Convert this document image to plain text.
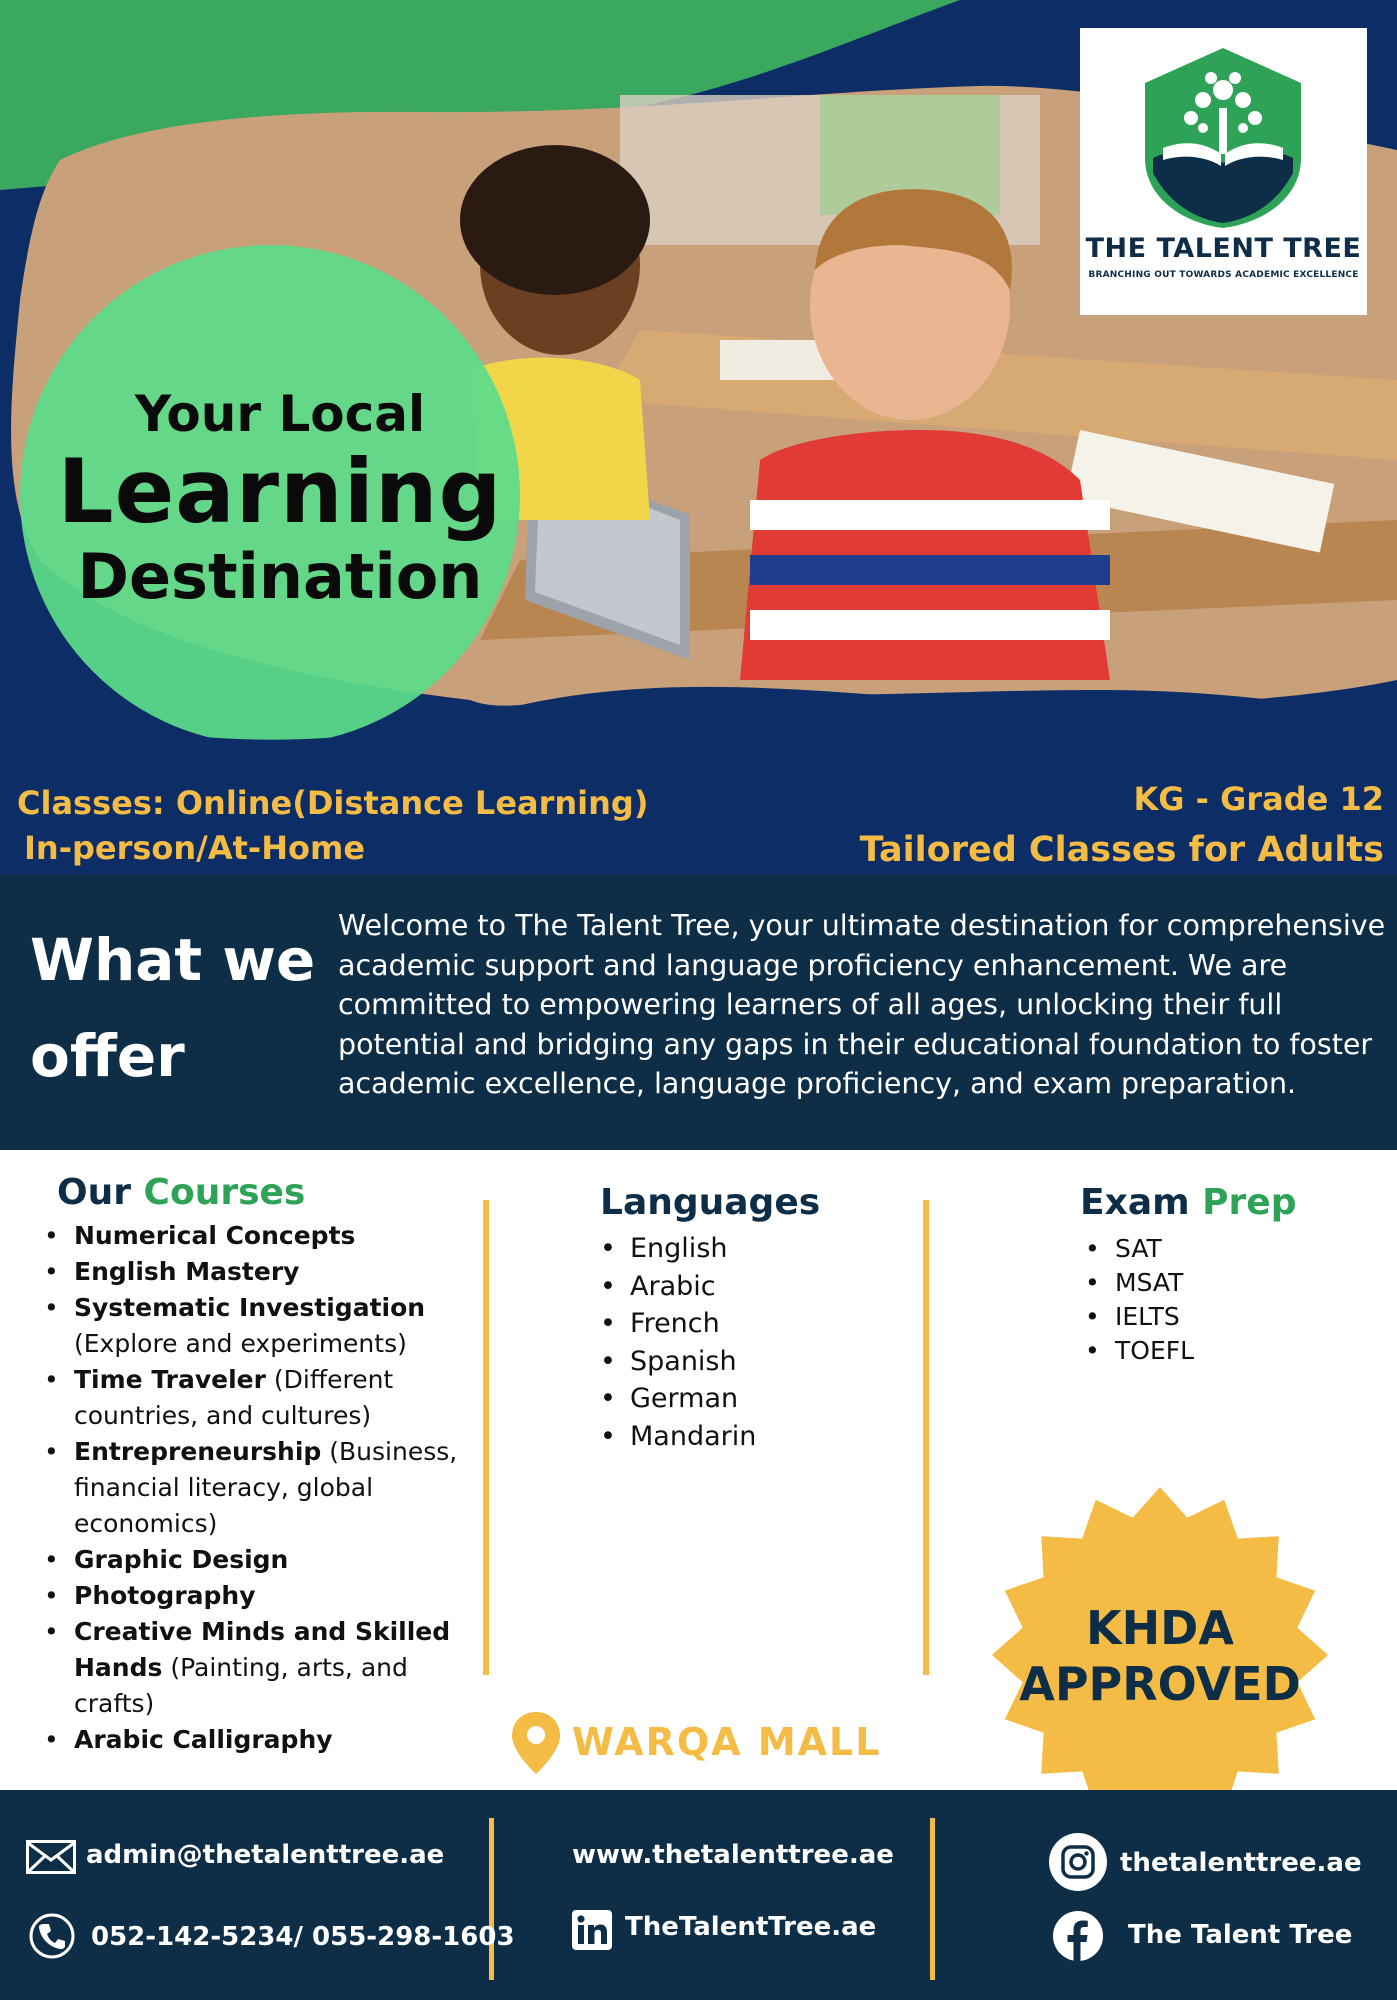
THE TALENT TREE
BRANCHING OUT TOWARDS ACADEMIC EXCELLENCE
Your Local
Learning
Destination
Classes: Online(Distance Learning)
In-person/At-Home
KG - Grade 12
Tailored Classes for Adults
What we offer
Welcome to The Talent Tree, your ultimate destination for comprehensive academic support and language proficiency enhancement. We are committed to empowering learners of all ages, unlocking their full potential and bridging any gaps in their educational foundation to foster academic excellence, language proficiency, and exam preparation.
Our Courses
• Numerical Concepts
• English Mastery
• Systematic Investigation (Explore and experiments)
• Time Traveler (Different countries, and cultures)
• Entrepreneurship (Business, financial literacy, global economics)
• Graphic Design
• Photography
• Creative Minds and Skilled Hands (Painting, arts, and crafts)
• Arabic Calligraphy
Languages
• English
• Arabic
• French
• Spanish
• German
• Mandarin
Exam Prep
• SAT
• MSAT
• IELTS
• TOEFL
KHDA
APPROVED
WARQA MALL
admin@thetalenttree.ae
052-142-5234/ 055-298-1603
www.thetalenttree.ae
TheTalentTree.ae
thetalenttree.ae
The Talent Tree
